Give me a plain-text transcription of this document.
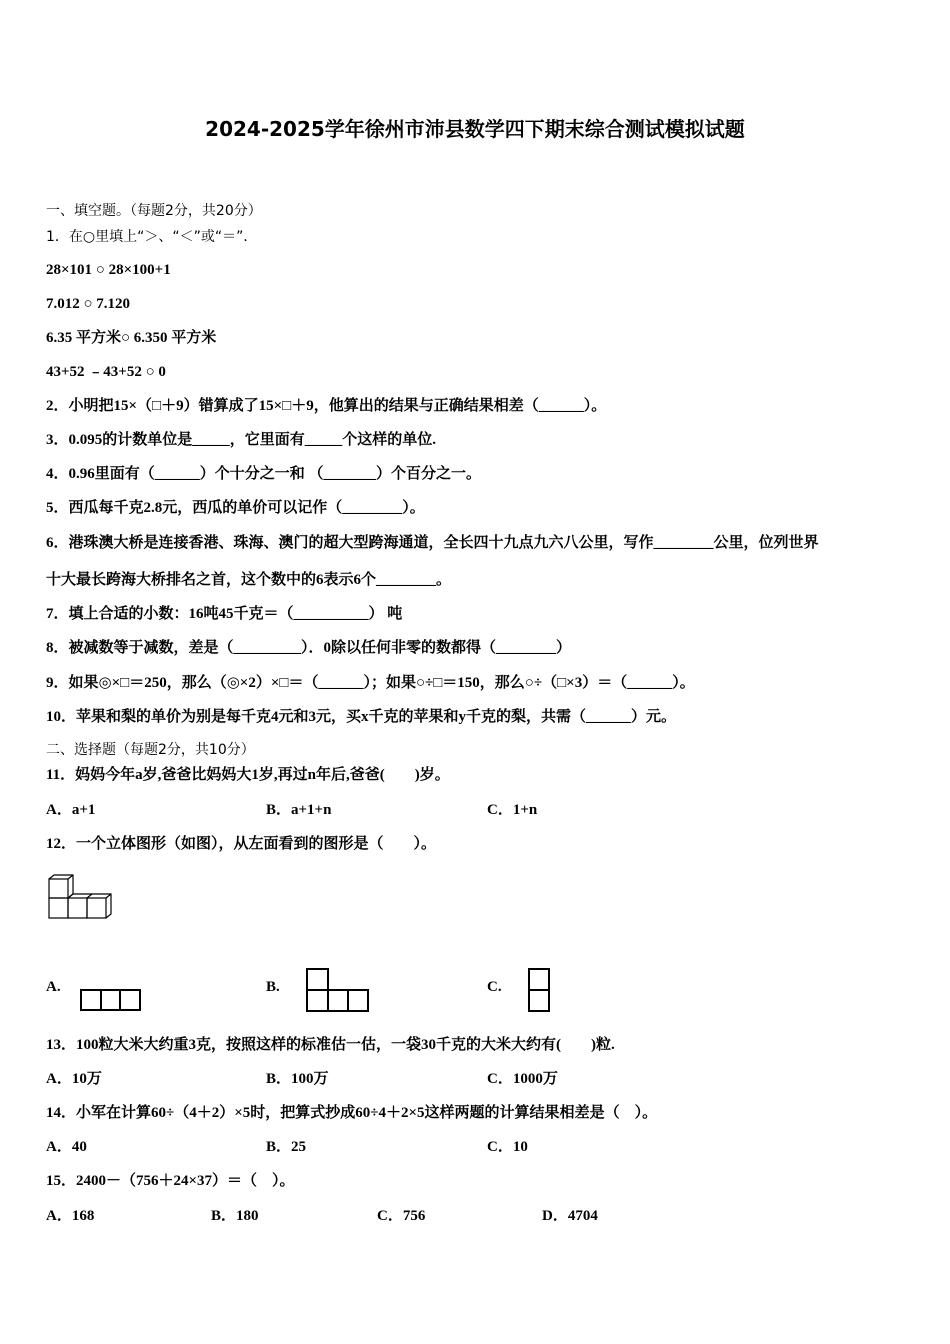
2024-2025学年徐州市沛县数学四下期末综合测试模拟试题
一、填空题。（每题2分，共20分）
1．在○里填上“＞、“＜”或“＝”．
28×101 ○ 28×100+1
7.012 ○ 7.120
6.35 平方米○ 6.350 平方米
43+52 ﹣43+52 ○ 0
2．小明把15×（□＋9）错算成了15×□＋9，他算出的结果与正确结果相差（______）。
3．0.095的计数单位是_____，它里面有_____个这样的单位.
4．0.96里面有（______）个十分之一和 （_______）个百分之一。
5．西瓜每千克2.8元，西瓜的单价可以记作（________）。
6．港珠澳大桥是连接香港、珠海、澳门的超大型跨海通道，全长四十九点九六八公里，写作________公里，位列世界
十大最长跨海大桥排名之首，这个数中的6表示6个________。
7．填上合适的小数：16吨45千克＝（__________） 吨
8．被减数等于减数，差是（_________）．0除以任何非零的数都得（________）
9．如果◎×□＝250，那么（◎×2）×□＝（______）；如果○÷□＝150，那么○÷（□×3）＝（______）。
10．苹果和梨的单价为别是每千克4元和3元，买x千克的苹果和y千克的梨，共需（______）元。
二、选择题（每题2分，共10分）
11．妈妈今年a岁,爸爸比妈妈大1岁,再过n年后,爸爸(　　)岁。
A．a+1	B．a+1+n	C．1+n
12．一个立体图形（如图），从左面看到的图形是（　　）。
A.	B.	C.
13．100粒大米大约重3克，按照这样的标准估一估，一袋30千克的大米大约有(　　)粒.
A．10万	B．100万	C．1000万
14．小军在计算60÷（4＋2）×5时，把算式抄成60÷4＋2×5这样两题的计算结果相差是（　）。
A．40	B．25	C．10
15．2400－（756＋24×37）＝（　）。
A．168	B．180	C．756	D．4704
